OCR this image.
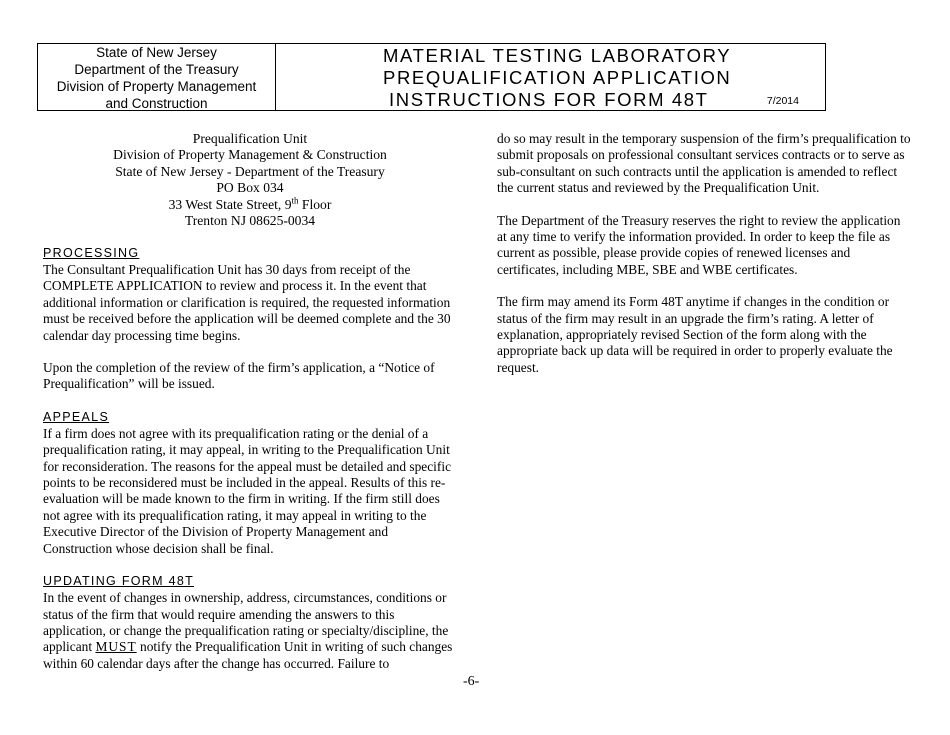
State of New Jersey
Department of the Treasury
Division of Property Management
and Construction
MATERIAL TESTING LABORATORY
PREQUALIFICATION APPLICATION
INSTRUCTIONS FOR FORM 48T	7/2014
Prequalification Unit
Division of Property Management & Construction
State of New Jersey - Department of the Treasury
PO Box 034
33 West State Street, 9th Floor
Trenton NJ 08625-0034

PROCESSING

The Consultant Prequalification Unit has 30 days from receipt of the COMPLETE APPLICATION to review and process it. In the event that additional information or clarification is required, the requested information must be received before the application will be deemed complete and the 30 calendar day processing time begins.

Upon the completion of the review of the firm’s application, a “Notice of Prequalification” will be issued.

APPEALS

If a firm does not agree with its prequalification rating or the denial of a prequalification rating, it may appeal, in writing to the Prequalification Unit for reconsideration. The reasons for the appeal must be detailed and specific points to be reconsidered must be included in the appeal. Results of this re-evaluation will be made known to the firm in writing. If the firm still does not agree with its prequalification rating, it may appeal in writing to the Executive Director of the Division of Property Management and Construction whose decision shall be final.

UPDATING FORM 48T

In the event of changes in ownership, address, circumstances, conditions or status of the firm that would require amending the answers to this application, or change the prequalification rating or specialty/discipline, the applicant MUST notify the Prequalification Unit in writing of such changes within 60 calendar days after the change has occurred. Failure to

do so may result in the temporary suspension of the firm’s prequalification to submit proposals on professional consultant services contracts or to serve as sub-consultant on such contracts until the application is amended to reflect the current status and reviewed by the Prequalification Unit.

The Department of the Treasury reserves the right to review the application at any time to verify the information provided. In order to keep the file as current as possible, please provide copies of renewed licenses and certificates, including MBE, SBE and WBE certificates.

The firm may amend its Form 48T anytime if changes in the condition or status of the firm may result in an upgrade the firm’s rating. A letter of explanation, appropriately revised Section of the form along with the appropriate back up data will be required in order to properly evaluate the request.

-6-
